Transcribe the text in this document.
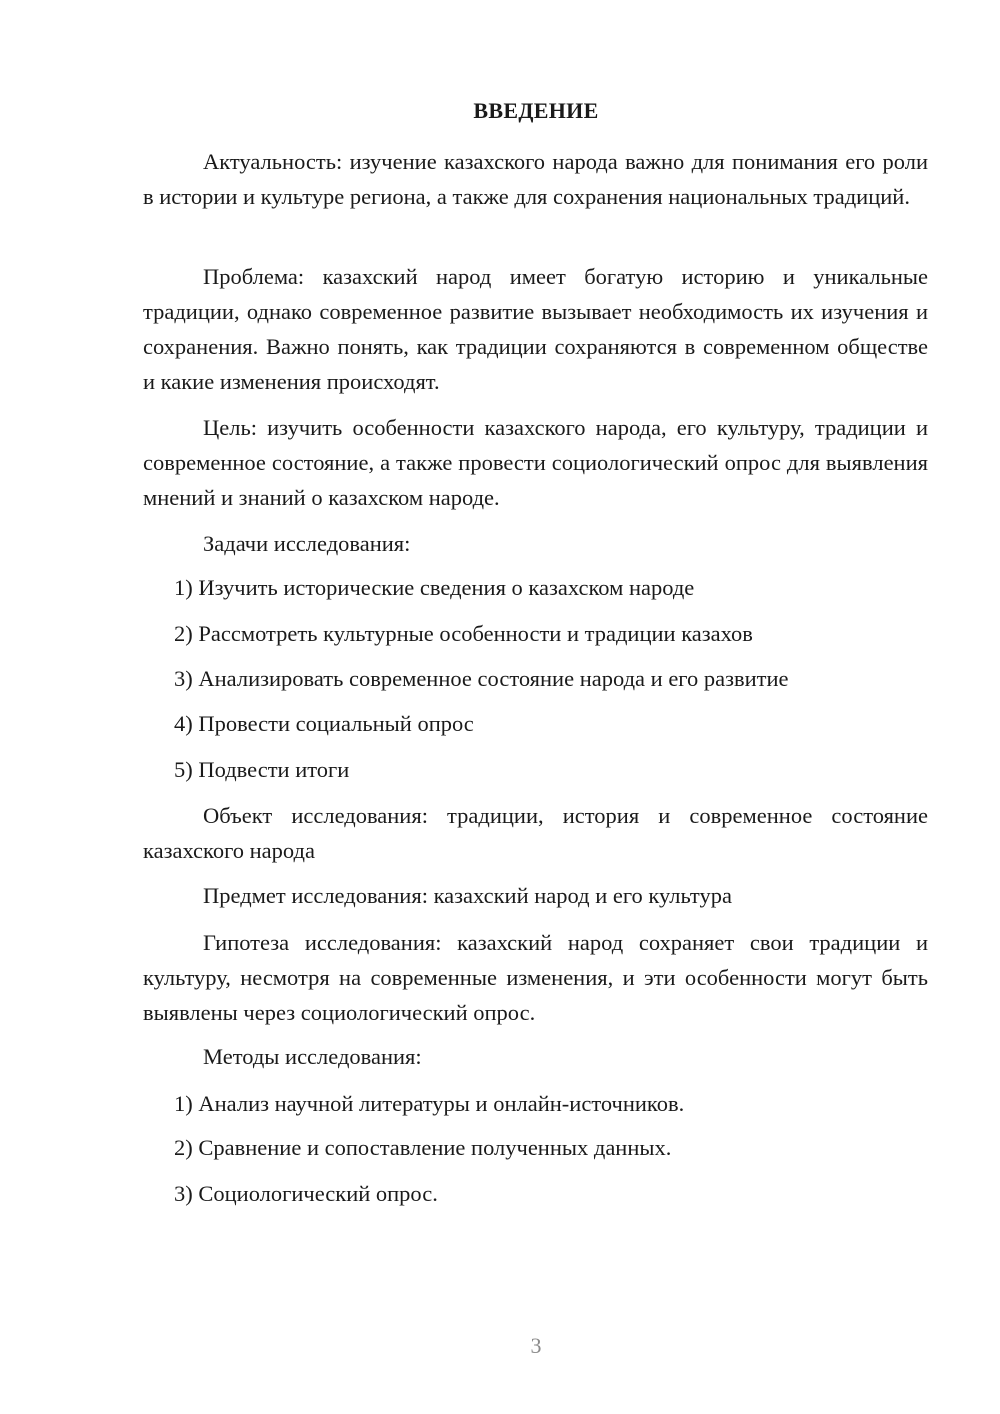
ВВЕДЕНИЕ

Актуальность: изучение казахского народа важно для понимания его роли в истории и культуре региона, а также для сохранения национальных традиций.

Проблема: казахский народ имеет богатую историю и уникальные традиции, однако современное развитие вызывает необходимость их изучения и сохранения. Важно понять, как традиции сохраняются в современном обществе и какие изменения происходят.

Цель: изучить особенности казахского народа, его культуру, традиции и современное состояние, а также провести социологический опрос для выявления мнений и знаний о казахском народе.

Задачи исследования:
1) Изучить исторические сведения о казахском народе
2) Рассмотреть культурные особенности и традиции казахов
3) Анализировать современное состояние народа и его развитие
4) Провести социальный опрос
5) Подвести итоги

Объект исследования: традиции, история и современное состояние казахского народа

Предмет исследования: казахский народ и его культура

Гипотеза исследования: казахский народ сохраняет свои традиции и культуру, несмотря на современные изменения, и эти особенности могут быть выявлены через социологический опрос.

Методы исследования:
1) Анализ научной литературы и онлайн-источников.
2) Сравнение и сопоставление полученных данных.
3) Социологический опрос.
3
